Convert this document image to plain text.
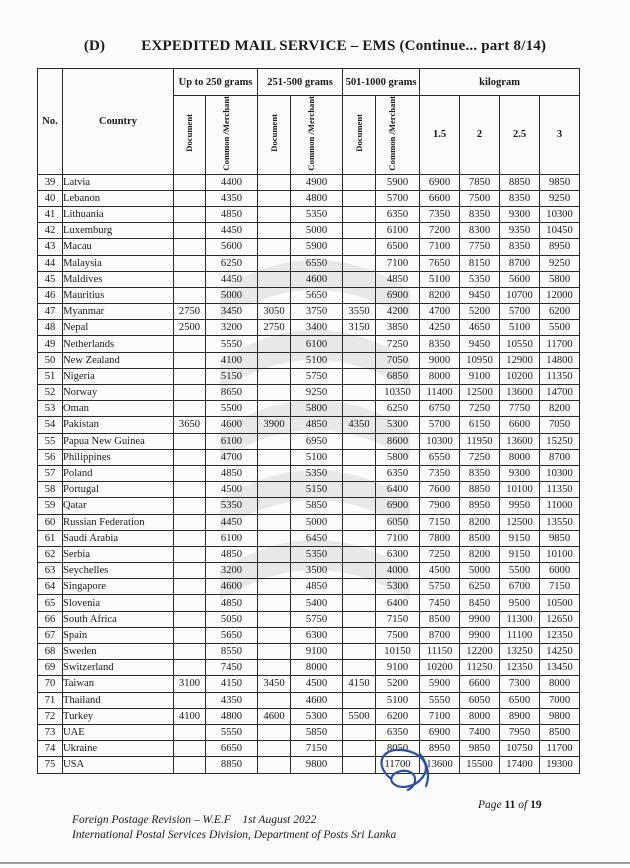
(D) EXPEDITED MAIL SERVICE – EMS (Continue... part 8/14)
No.	Country	Up to 250 grams		251-500 grams		501-1000 grams		kilogram			
		Document	Common /Merchant	Document	Common /Merchant	Document	Common /Merchant	1.5	2	2.5	3
39	Latvia		4400		4900		5900	6900	7850	8850	9850
40	Lebanon		4350		4800		5700	6600	7500	8350	9250
41	Lithuania		4850		5350		6350	7350	8350	9300	10300
42	Luxemburg		4450		5000		6100	7200	8300	9350	10450
43	Macau		5600		5900		6500	7100	7750	8350	8950
44	Malaysia		6250		6550		7100	7650	8150	8700	9250
45	Maldives		4450		4600		4850	5100	5350	5600	5800
46	Mauritius		5000		5650		6900	8200	9450	10700	12000
47	Myanmar	2750	3450	3050	3750	3550	4200	4700	5200	5700	6200
48	Nepal	2500	3200	2750	3400	3150	3850	4250	4650	5100	5500
49	Netherlands		5550		6100		7250	8350	9450	10550	11700
50	New Zealand		4100		5100		7050	9000	10950	12900	14800
51	Nigeria		5150		5750		6850	8000	9100	10200	11350
52	Norway		8650		9250		10350	11400	12500	13600	14700
53	Oman		5500		5800		6250	6750	7250	7750	8200
54	Pakistan	3650	4600	3900	4850	4350	5300	5700	6150	6600	7050
55	Papua New Guinea		6100		6950		8600	10300	11950	13600	15250
56	Philippines		4700		5100		5800	6550	7250	8000	8700
57	Poland		4850		5350		6350	7350	8350	9300	10300
58	Portugal		4500		5150		6400	7600	8850	10100	11350
59	Qatar		5350		5850		6900	7900	8950	9950	11000
60	Russian Federation		4450		5000		6050	7150	8200	12500	13550
61	Saudi Arabia		6100		6450		7100	7800	8500	9150	9850
62	Serbia		4850		5350		6300	7250	8200	9150	10100
63	Seychelles		3200		3500		4000	4500	5000	5500	6000
64	Singapore		4600		4850		5300	5750	6250	6700	7150
65	Slovenia		4850		5400		6400	7450	8450	9500	10500
66	South Africa		5050		5750		7150	8500	9900	11300	12650
67	Spain		5650		6300		7500	8700	9900	11100	12350
68	Sweden		8550		9100		10150	11150	12200	13250	14250
69	Switzerland		7450		8000		9100	10200	11250	12350	13450
70	Taiwan	3100	4150	3450	4500	4150	5200	5900	6600	7300	8000
71	Thailand		4350		4600		5100	5550	6050	6500	7000
72	Turkey	4100	4800	4600	5300	5500	6200	7100	8000	8900	9800
73	UAE		5550		5850		6350	6900	7400	7950	8500
74	Ukraine		6650		7150		8050	8950	9850	10750	11700
75	USA		8850		9800		11700	13600	15500	17400	19300
Page 11 of 19
Foreign Postage Revision – W.E.F    1st August 2022
International Postal Services Division, Department of Posts Sri Lanka
